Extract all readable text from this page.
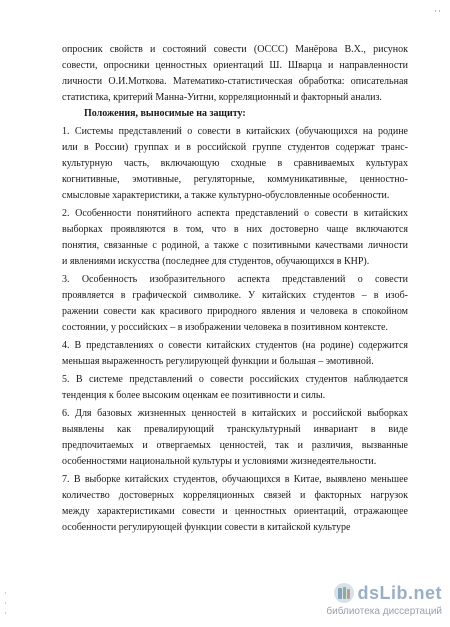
··
опросник свойств и состояний совести (ОССС) Манёрова В.Х., рисунок
совести, опросники ценностных ориентаций Ш. Шварца и направленности
личности О.И.Моткова. Математико-статистическая обработка: описательная
статистика, критерий Манна-Уитни, корреляционный и факторный анализ.
Положения, выносимые на защиту:
1. Системы представлений о совести в китайских (обучающихся на родине
или в России) группах и в российской группе студентов содержат транс-
культурную часть, включающую сходные в сравниваемых культурах
когнитивные, эмотивные, регуляторные, коммуникативные, ценностно-
смысловые характеристики, а также культурно-обусловленные особенности.
2. Особенности понятийного аспекта представлений о совести в китайских
выборках проявляются в том, что в них достоверно чаще включаются
понятия, связанные с родиной, а также с позитивными качествами личности
и явлениями искусства (последнее для студентов, обучающихся в КНР).
3. Особенность изобразительного аспекта представлений о совести
проявляется в графической символике. У китайских студентов – в изоб-
ражении совести как красивого природного явления и человека в спокойном
состоянии, у российских – в изображении человека в позитивном контексте.
4. В представлениях о совести китайских студентов (на родине) содержится
меньшая выраженность регулирующей функции и большая – эмотивной.
5. В системе представлений о совести российских студентов наблюдается
тенденция к более высоким оценкам ее позитивности и силы.
6. Для базовых жизненных ценностей в китайских и российской выборках
выявлены как превалирующий транскультурный инвариант в виде
предпочитаемых и отвергаемых ценностей, так и различия, вызванные
особенностями национальной культуры и условиями жизнедеятельности.
7. В выборке китайских студентов, обучающихся в Китае, выявлено меньшее
количество достоверных корреляционных связей и факторных нагрузок
между характеристиками совести и ценностных ориентаций, отражающее
особенности регулирующей функции совести в китайской культуре
·
·
·
dsLib.net
библиотека диссертаций
